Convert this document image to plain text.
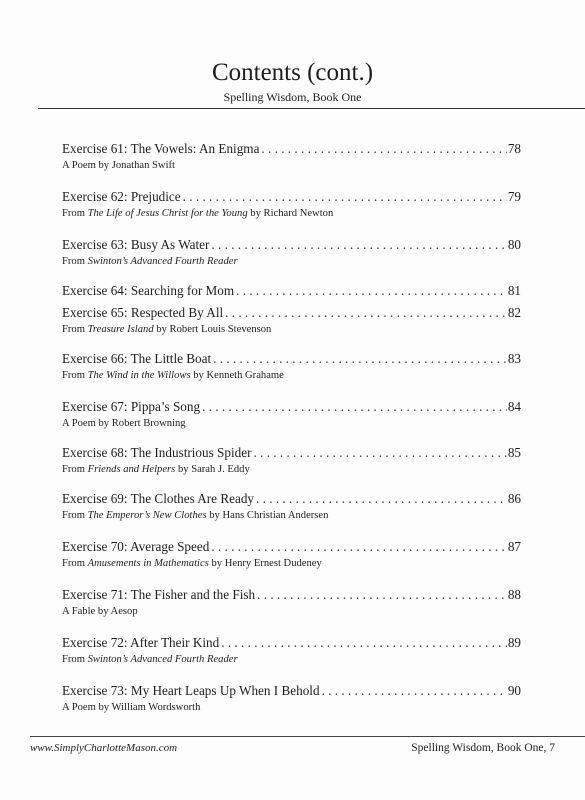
Contents (cont.)
Spelling Wisdom, Book One
Exercise 61: The Vowels: An Enigma . . .	78
A Poem by Jonathan Swift
Exercise 62: Prejudice . . .	79
From The Life of Jesus Christ for the Young by Richard Newton
Exercise 63: Busy As Water . . .	80
From Swinton’s Advanced Fourth Reader
Exercise 64: Searching for Mom . . .	81
Exercise 65: Respected By All . . .	82
From Treasure Island by Robert Louis Stevenson
Exercise 66: The Little Boat . . .	83
From The Wind in the Willows by Kenneth Grahame
Exercise 67: Pippa’s Song . . .	84
A Poem by Robert Browning
Exercise 68: The Industrious Spider . . .	85
From Friends and Helpers by Sarah J. Eddy
Exercise 69: The Clothes Are Ready . . .	86
From The Emperor’s New Clothes by Hans Christian Andersen
Exercise 70: Average Speed . . .	87
From Amusements in Mathematics by Henry Ernest Dudeney
Exercise 71: The Fisher and the Fish . . .	88
A Fable by Aesop
Exercise 72: After Their Kind . . .	89
From Swinton’s Advanced Fourth Reader
Exercise 73: My Heart Leaps Up When I Behold . . .	90
A Poem by William Wordsworth
www.SimplyCharlotteMason.com	Spelling Wisdom, Book One, 7
